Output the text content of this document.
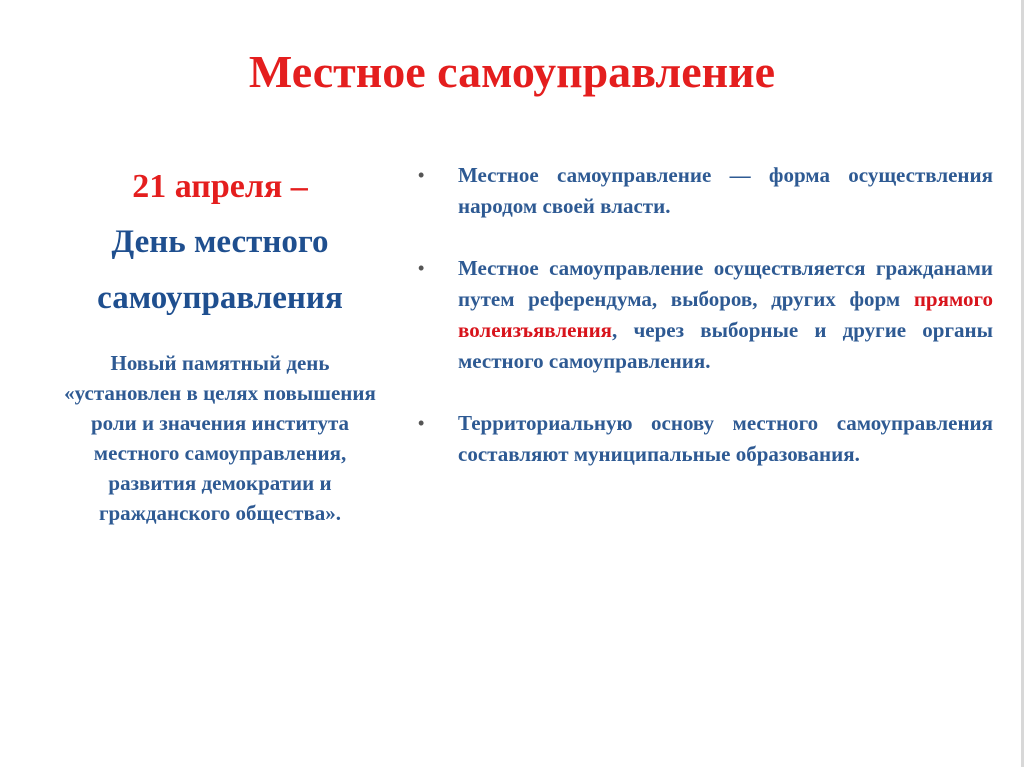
Местное самоуправление
21 апреля –
День местного
самоуправления
Новый памятный день «установлен в целях повышения роли и значения института местного самоуправления, развития демократии и гражданского общества».
• Местное самоуправление — форма осуществления народом своей власти.
• Местное самоуправление осуществляется гражданами путем референдума, выборов, других форм прямого волеизъявления, через выборные и другие органы местного самоуправления.
• Территориальную основу местного самоуправления составляют муниципальные образования.
